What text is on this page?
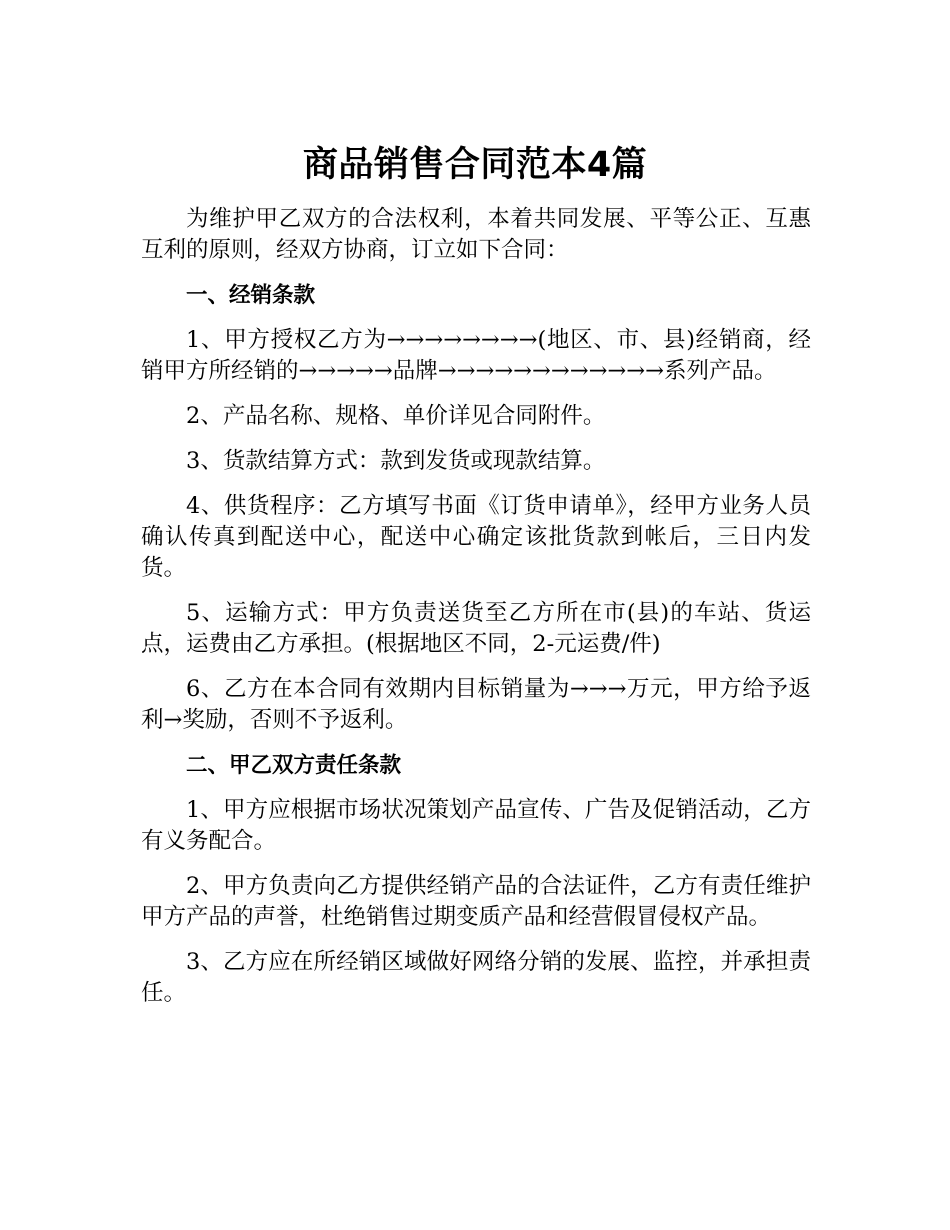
商品销售合同范本4篇

为维护甲乙双方的合法权利，本着共同发展、平等公正、互惠互利的原则，经双方协商，订立如下合同：

一、经销条款

1、甲方授权乙方为→→→→→→→→(地区、市、县)经销商，经销甲方所经销的→→→→→品牌→→→→→→→→→→→→系列产品。

2、产品名称、规格、单价详见合同附件。

3、货款结算方式：款到发货或现款结算。

4、供货程序：乙方填写书面《订货申请单》，经甲方业务人员确认传真到配送中心，配送中心确定该批货款到帐后，三日内发货。

5、运输方式：甲方负责送货至乙方所在市(县)的车站、货运点，运费由乙方承担。(根据地区不同，2-元运费/件)

6、乙方在本合同有效期内目标销量为→→→万元，甲方给予返利→奖励，否则不予返利。

二、甲乙双方责任条款

1、甲方应根据市场状况策划产品宣传、广告及促销活动，乙方有义务配合。

2、甲方负责向乙方提供经销产品的合法证件，乙方有责任维护甲方产品的声誉，杜绝销售过期变质产品和经营假冒侵权产品。

3、乙方应在所经销区域做好网络分销的发展、监控，并承担责任。
